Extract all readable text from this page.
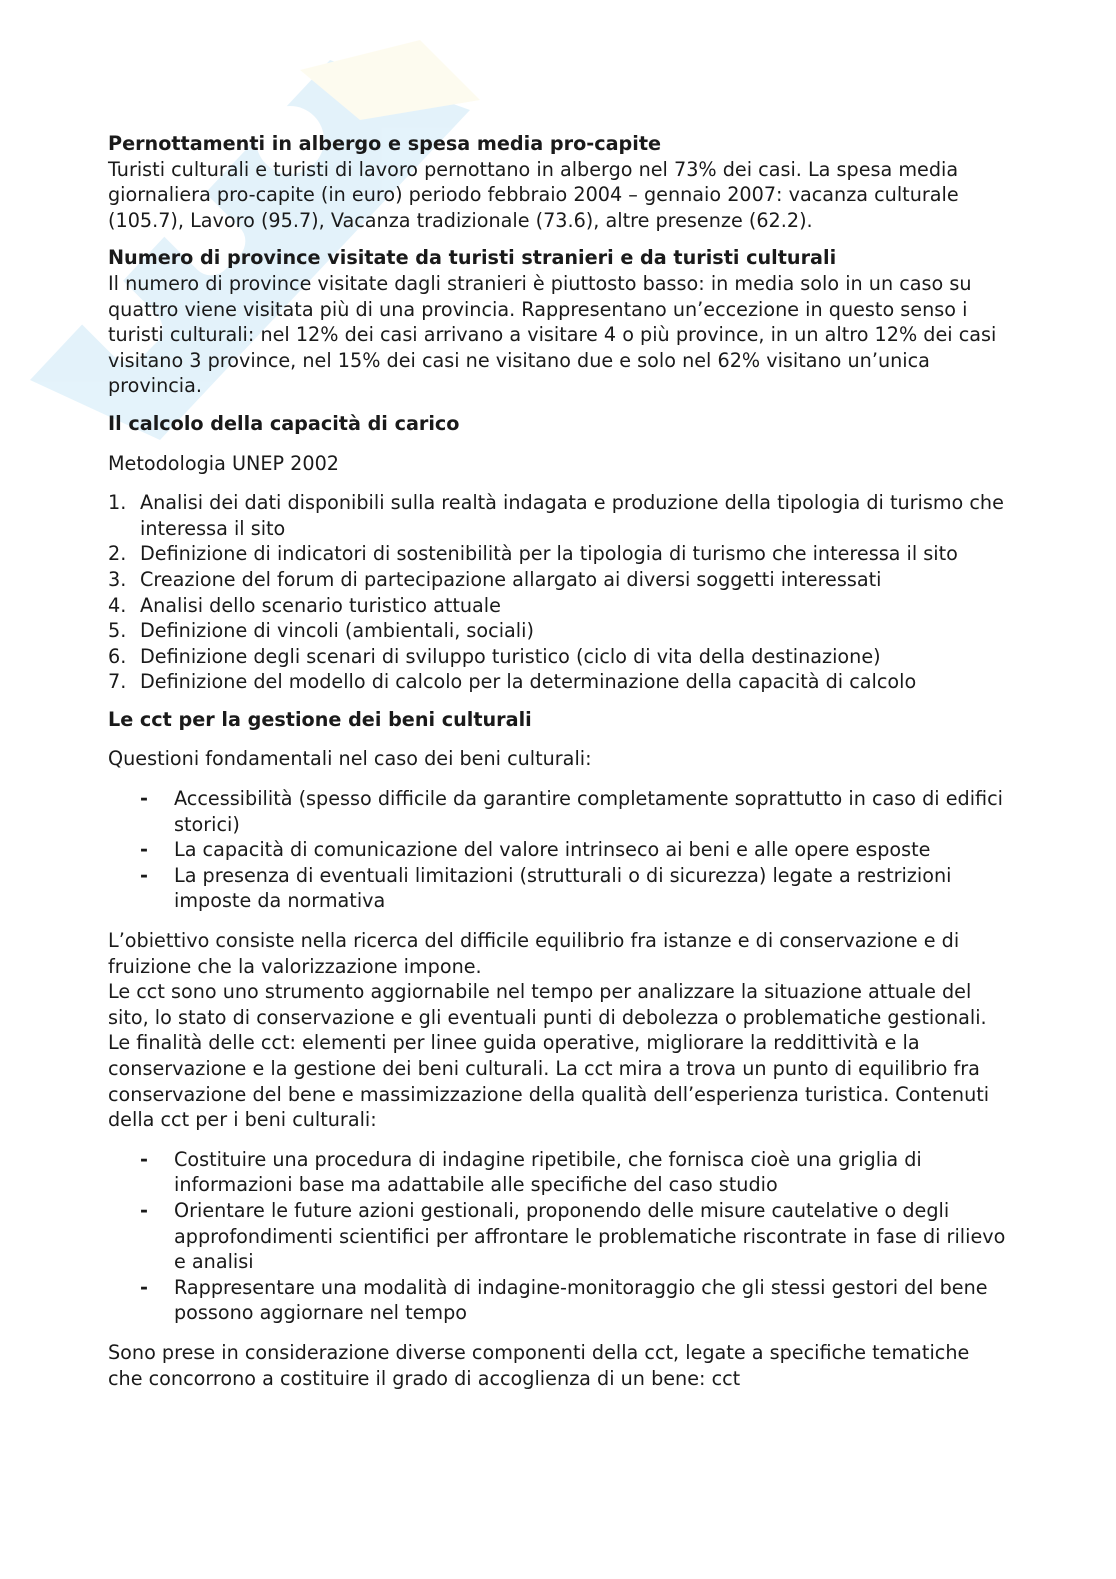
Pernottamenti in albergo e spesa media pro-capite

Turisti culturali e turisti di lavoro pernottano in albergo nel 73% dei casi. La spesa media giornaliera pro-capite (in euro) periodo febbraio 2004 – gennaio 2007: vacanza culturale (105.7), Lavoro (95.7), Vacanza tradizionale (73.6), altre presenze (62.2).

Numero di province visitate da turisti stranieri e da turisti culturali

Il numero di province visitate dagli stranieri è piuttosto basso: in media solo in un caso su quattro viene visitata più di una provincia. Rappresentano un’eccezione in questo senso i turisti culturali: nel 12% dei casi arrivano a visitare 4 o più province, in un altro 12% dei casi visitano 3 province, nel 15% dei casi ne visitano due e solo nel 62% visitano un’unica provincia.

Il calcolo della capacità di carico

Metodologia UNEP 2002

1. Analisi dei dati disponibili sulla realtà indagata e produzione della tipologia di turismo che interessa il sito
2. Definizione di indicatori di sostenibilità per la tipologia di turismo che interessa il sito
3. Creazione del forum di partecipazione allargato ai diversi soggetti interessati
4. Analisi dello scenario turistico attuale
5. Definizione di vincoli (ambientali, sociali)
6. Definizione degli scenari di sviluppo turistico (ciclo di vita della destinazione)
7. Definizione del modello di calcolo per la determinazione della capacità di calcolo

Le cct per la gestione dei beni culturali

Questioni fondamentali nel caso dei beni culturali:

- Accessibilità (spesso difficile da garantire completamente soprattutto in caso di edifici storici)
- La capacità di comunicazione del valore intrinseco ai beni e alle opere esposte
- La presenza di eventuali limitazioni (strutturali o di sicurezza) legate a restrizioni imposte da normativa

L’obiettivo consiste nella ricerca del difficile equilibrio fra istanze e di conservazione e di fruizione che la valorizzazione impone.

Le cct sono uno strumento aggiornabile nel tempo per analizzare la situazione attuale del sito, lo stato di conservazione e gli eventuali punti di debolezza o problematiche gestionali. Le finalità delle cct: elementi per linee guida operative, migliorare la reddittività e la conservazione e la gestione dei beni culturali. La cct mira a trova un punto di equilibrio fra conservazione del bene e massimizzazione della qualità dell’esperienza turistica. Contenuti della cct per i beni culturali:

- Costituire una procedura di indagine ripetibile, che fornisca cioè una griglia di informazioni base ma adattabile alle specifiche del caso studio
- Orientare le future azioni gestionali, proponendo delle misure cautelative o degli approfondimenti scientifici per affrontare le problematiche riscontrate in fase di rilievo e analisi
- Rappresentare una modalità di indagine-monitoraggio che gli stessi gestori del bene possono aggiornare nel tempo

Sono prese in considerazione diverse componenti della cct, legate a specifiche tematiche che concorrono a costituire il grado di accoglienza di un bene: cct
